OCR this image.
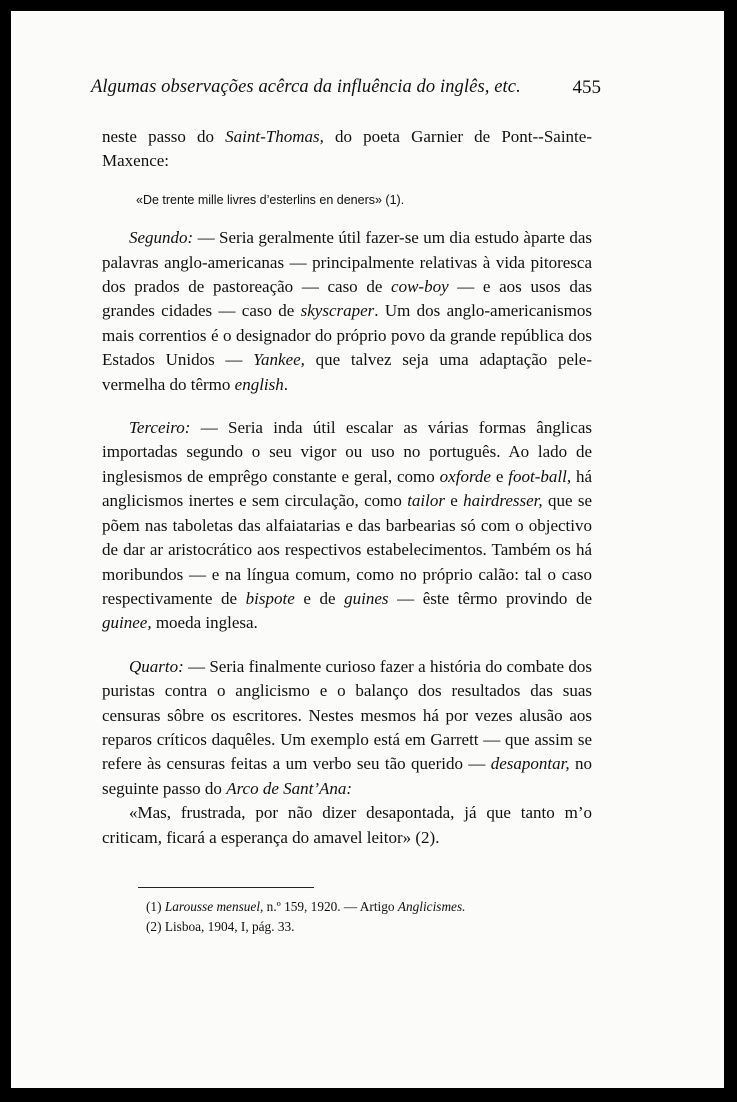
Algumas observações acêrca da influência do inglês, etc.	455

neste passo do Saint-Thomas, do poeta Garnier de Pont--Sainte-Maxence:

«De trente mille livres d’esterlins en deners» (1).

Segundo: — Seria geralmente útil fazer-se um dia estudo àparte das palavras anglo-americanas — principalmente relativas à vida pitoresca dos prados de pastoreação — caso de cow-boy — e aos usos das grandes cidades — caso de skyscraper. Um dos anglo-americanismos mais correntios é o designador do próprio povo da grande república dos Estados Unidos — Yankee, que talvez seja uma adaptação pele-vermelha do têrmo english.

Terceiro: — Seria inda útil escalar as várias formas ânglicas importadas segundo o seu vigor ou uso no português. Ao lado de inglesismos de emprêgo constante e geral, como oxforde e foot-ball, há anglicismos inertes e sem circulação, como tailor e hairdresser, que se põem nas taboletas das alfaiatarias e das barbearias só com o objectivo de dar ar aristocrático aos respectivos estabelecimentos. Também os há moribundos — e na língua comum, como no próprio calão: tal o caso respectivamente de bispote e de guines — êste têrmo provindo de guinee, moeda inglesa.

Quarto: — Seria finalmente curioso fazer a história do combate dos puristas contra o anglicismo e o balanço dos resultados das suas censuras sôbre os escritores. Nestes mesmos há por vezes alusão aos reparos críticos daquêles. Um exemplo está em Garrett — que assim se refere às censuras feitas a um verbo seu tão querido — desapontar, no seguinte passo do Arco de Sant’Ana:

«Mas, frustrada, por não dizer desapontada, já que tanto m’o criticam, ficará a esperança do amavel leitor» (2).

(1) Larousse mensuel, n.º 159, 1920. — Artigo Anglicismes.
(2) Lisboa, 1904, I, pág. 33.
